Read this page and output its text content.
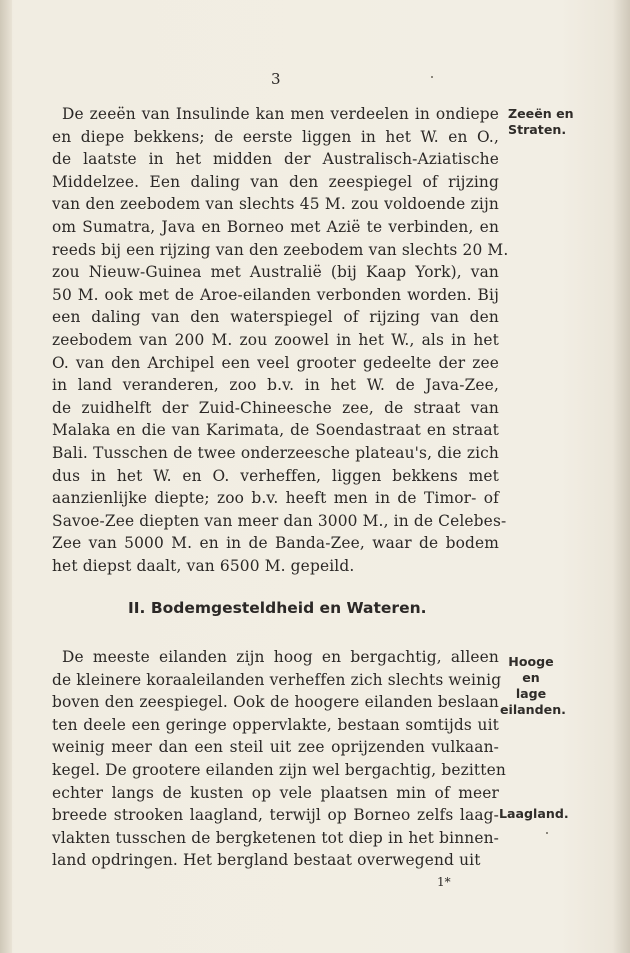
3
De zeeën van Insulinde kan men verdeelen in ondiepe
en diepe bekkens; de eerste liggen in het W. en O.,
de laatste in het midden der Australisch-Aziatische
Middelzee. Een daling van den zeespiegel of rijzing
van den zeebodem van slechts 45 M. zou voldoende zijn
om Sumatra, Java en Borneo met Azië te verbinden, en
reeds bij een rijzing van den zeebodem van slechts 20 M.
zou Nieuw-Guinea met Australië (bij Kaap York), van
50 M. ook met de Aroe-eilanden verbonden worden. Bij
een daling van den waterspiegel of rijzing van den
zeebodem van 200 M. zou zoowel in het W., als in het
O. van den Archipel een veel grooter gedeelte der zee
in land veranderen, zoo b.v. in het W. de Java-Zee,
de zuidhelft der Zuid-Chineesche zee, de straat van
Malaka en die van Karimata, de Soendastraat en straat
Bali. Tusschen de twee onderzeesche plateau's, die zich
dus in het W. en O. verheffen, liggen bekkens met
aanzienlijke diepte; zoo b.v. heeft men in de Timor- of
Savoe-Zee diepten van meer dan 3000 M., in de Celebes-
Zee van 5000 M. en in de Banda-Zee, waar de bodem
het diepst daalt, van 6500 M. gepeild.
Zeeën en
Straten.
II. Bodemgesteldheid en Wateren.
De meeste eilanden zijn hoog en bergachtig, alleen
de kleinere koraaleilanden verheffen zich slechts weinig
boven den zeespiegel. Ook de hoogere eilanden beslaan
ten deele een geringe oppervlakte, bestaan somtijds uit
weinig meer dan een steil uit zee oprijzenden vulkaan-
kegel. De grootere eilanden zijn wel bergachtig, bezitten
echter langs de kusten op vele plaatsen min of meer
breede strooken laagland, terwijl op Borneo zelfs laag-
vlakten tusschen de bergketenen tot diep in het binnen-
land opdringen. Het bergland bestaat overwegend uit
Hooge en
lage
eilanden.
Laagland.
1*
